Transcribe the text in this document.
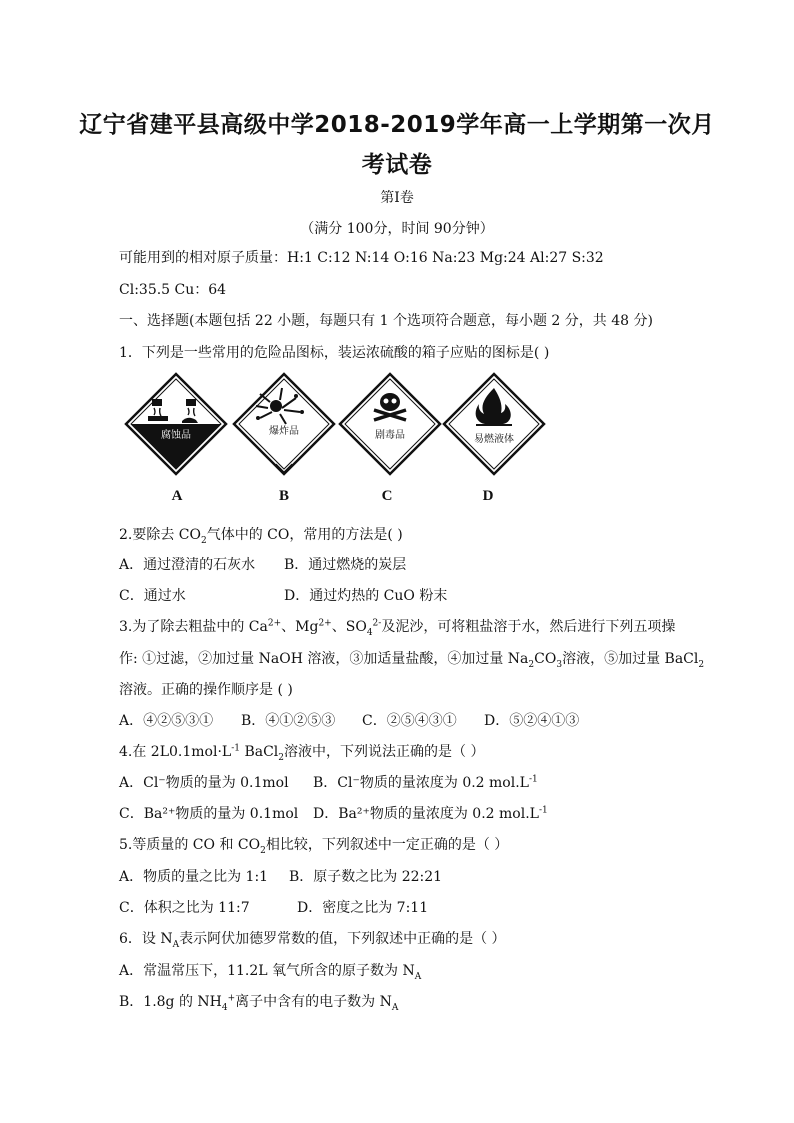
辽宁省建平县高级中学2018-2019学年高一上学期第一次月
考试卷
第Ⅰ卷
（满分 100分，时间 90分钟）
可能用到的相对原子质量：H:1 C:12 N:14 O:16 Na:23 Mg:24 Al:27 S:32
Cl:35.5 Cu：64
一、选择题(本题包括 22 小题，每题只有 1 个选项符合题意，每小题 2 分，共 48 分)
1．下列是一些常用的危险品图标，装运浓硫酸的箱子应贴的图标是( )
腐蚀品	爆炸品	剧毒品	易燃液体
A	B	C	D
2.要除去 $CO_2$气体中的 CO，常用的方法是( )
A．通过澄清的石灰水 B．通过燃烧的炭层
C．通过水	D．通过灼热的 CuO 粉末
3.为了除去粗盐中的 $Ca^{2+}$、$Mg^{2+}$、$SO_4^{2-}$及泥沙，可将粗盐溶于水，然后进行下列五项操
作: ①过滤，②加过量 NaOH 溶液，③加适量盐酸，④加过量 $Na_2CO_3$溶液，⑤加过量 BaCl$_2$
溶液。正确的操作顺序是 ( )
A．④②⑤③① B．④①②⑤③ C．②⑤④③① D．⑤②④①③
4.在 $2L0.1mol\cdot L^{-1}$ BaCl$_2$溶液中，下列说法正确的是（ ）
A．Cl⁻物质的量为 0.1mol B．Cl⁻物质的量浓度为 0.2 $mol.L^{-1}$
C．Ba²⁺物质的量为 0.1mol D．Ba²⁺物质的量浓度为 0.2 $mol.L^{-1}$
5.等质量的 CO 和 $CO_2$相比较，下列叙述中一定正确的是（ ）
A．物质的量之比为 1:1 B．原子数之比为 22:21
C．体积之比为 11:7	D．密度之比为 7:11
6．设 $N_A$表示阿伏加德罗常数的值，下列叙述中正确的是（ ）
A．常温常压下，11.2L 氧气所含的原子数为 $N_A$
B．1.8g 的 $NH_4^+$离子中含有的电子数为 $N_A$
